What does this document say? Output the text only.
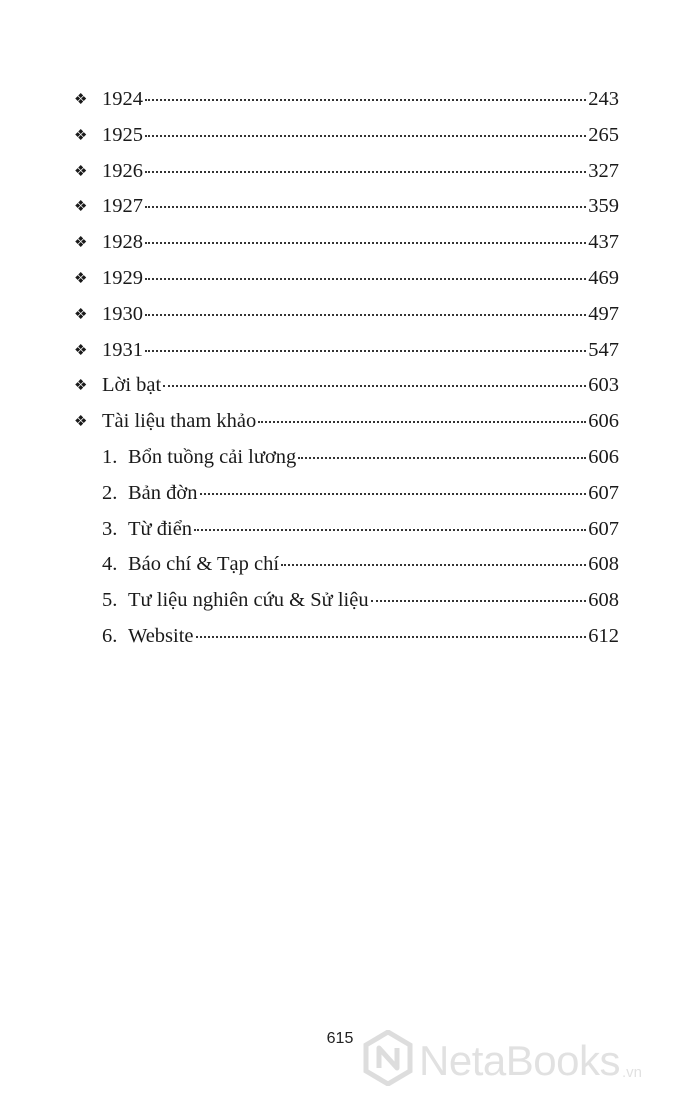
❖ 1924	243
❖ 1925	265
❖ 1926	327
❖ 1927	359
❖ 1928	437
❖ 1929	469
❖ 1930	497
❖ 1931	547
❖ Lời bạt	603
❖ Tài liệu tham khảo	606
1. Bổn tuồng cải lương	606
2. Bản đờn	607
3. Từ điển	607
4. Báo chí & Tạp chí	608
5. Tư liệu nghiên cứu & Sử liệu	608
6. Website	612
615	NetaBooks .vn
